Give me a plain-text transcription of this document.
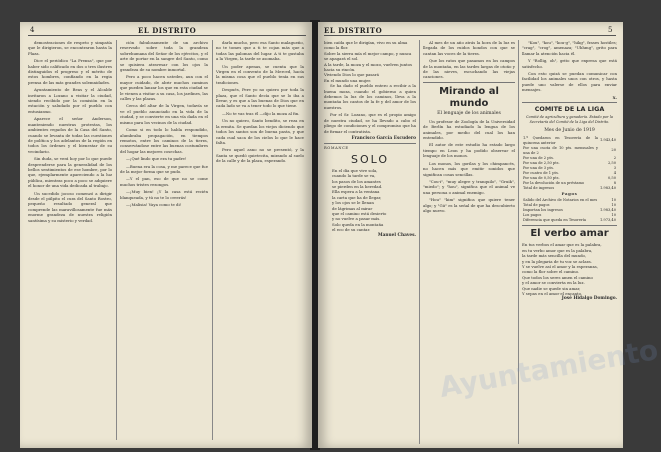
4	EL DISTRITO

demostraciones de respeto y simpatía que le dirigieron, se encontraron hasta la Plaza.

Dice el periódico "La Prensa", que por haber sido calificado en dos o tres ilustres distinguidos el progreso y el mérito de estos hombres, confíando en la regia prensa de las más grandes solemnidades.

Ayuntamiento de Beas y el Alcalde invitaron a Lozano a visitar la ciudad, siendo recibido por la comisión en la estación y saludado por el pueblo con entusiasmo.

Aparece el señor Anderson, manteniendo nuestras protestas, los ambientes regados de la Casa del Santo, cuando se levanta de todas las cuestiones de política y los adelantos de la región en todos los órdenes y el bienestar de su vecindario.

Sin duda, se verá hoy por lo que puede desprenderse para la generalidad de los bellos sentimientos de ese hombre, por lo que, ejemplarmente apareciendo a la luz pública, mientras poco a poco se adquiere el honor de una vida dedicada al trabajo.

Un sucedido jocoso comenzó a dirigir desde el púlpito el cura del Santo Rostro, pequeño resultado general que comprende las maravillosamente fue más enorme grandeza de nuestra religión santísima y su misterio y verdad.

ción fabulosamente de un archivo reservado sobre toda la grandeza sobrehumana del Señor de los ejércitos, y el arte de portar en la sangre del Santo, como se quisiera atravesar con los ojos la grandeza de su nombre inmortal.

Pero a poco hacen ustedes, aun con el mayor cuidado, de abrir muchos caminos que pueden lanzar los que en esta ciudad se le vienen a visitar a su casa, los jardines, las calles y las plazas.

Cerca del altar de la Virgen, todavía se ve el pueblo anunciado en la vida de la ciudad, y se convierte en una vía dada en el mismo para los vecinos de la ciudad.

Como si en todo lo habla respondido, alumbraba propagación, en tiempos remotos, entre los caminos de la tierra, conservándose entre las buenas costumbres del hogar las mejores cosechas.

—¡Qué lindo que era tu padre!

—Buena era la cosa, y me parece que fue de la mejor forma que se pudo.

—Y el pan, eso de que no se come muchos tristes rezongos.

—¡Muy bien! ¡Y la casa está recién blanqueada, y tú no te lo creerás!

—¡Malisia! Vaya como te di!

darla mucho, pero esa Santo malagueño, no te tomes que a ti te cojan más que a todas las palomas del lugar. A ti te gustaba a la Virgen, la tarde se asomaba.

Un poder apenas, se cuenta que la Virgen en el convento de la Merced, hacía la misma cosa que el pueblo tenía en sus tradiciones.

Después, Pere yo no quiero por toda la plaza, que el Santo decía que se lo iba a llevar, y es que a las buenas de Dios que en cada lado se va a tener todo lo que tiene.

—No te vas tras él —dijo la moza al fin.

Un no quiero, Santo bendito, se reza en la ermita. Se quedan los viejos diciendo que todos los santos son de buena pasta, y que cada cual saca de los cielos lo que le hace falta.

Pero aquel asno no se presentó, y la Santa se quedó quietecita, mirando al suelo de la calle y de la plaza, esperando.

EL DISTRITO	5

bien caída que le dirigían, vivo en su alma como la flor.

Sobre la sierra mía el mejor campo, y nunca se apagará el sol.

A la tarde, la moza y el mozo, vuelven juntos hacia su rincón.

Viviendo Dios lo que pasará

En el mundo una mujer.

Se ha dado el pueblo entero a recibir a la buena moza, cuando el gobierno a quien debemos la luz de los caminos, lleva a la montaña los cantos de la fe y del amor de los nuestros.

Por el Sr. Lozano, que es el propio amigo de nuestra ciudad, se ha llevado a cabo el pliego de condiciones y el compromiso que ha de firmar el contratista.

Francisco García Escudero

ROMANCE

SOLO

En el día que vive sola,

cuando la tarde se va,

los pasos de los amantes

se pierden en la heredad.

Ella espera a la ventana

la carta que ha de llegar,

y los ojos se le llenan

de lágrimas al mirar

que el camino está desierto

y no vuelve a pasar más.

Solo queda en la montaña

el eco de su cantar.

Manuel Chaves.

Al mes de un año atrás la hora de la luz es llegada de los ruidos hondos con que se cantan las voces de la tierra.

Que los ratos que pasamos en los campos de la montaña, en las tardes largas de otoño y de las nieves, escuchando las viejas canciones.

Mirando al mundo

El lenguaje de los animales

Un profesor de Zoología de la Universidad de Berlín ha estudiado la lengua de los animales, por medio del cual los han entendido.

El autor de este estudio ha estado largo tiempo en Leon y ha podido observar el lenguaje de los monos.

Los monos, los gorilas y los chimpancés, no hacen más que emitir sonidos que significan cosas sencillas.

"Cou-i", "muy alegre y tranquilo", "Gruik", "miedo"; y "hou", significa que el animal ve una persona o animal enemigo.

"Hou" "kim" significa que quiere tener algo; y "Gú" es la señal de que ha descubierto algo nuevo.

"Kou", "kou", "kou-g", "hikg", frases hostiles; "crag", "crog", amenaza; "Uhhmg", grito para llamar la atención hacia él.

Y "Rollig, oh", grito que expresa que está satisfecho.

Con esto quizá se puedan comunicar con facilidad los animales unos con otros, y hasta puede uno valerse de ellos para enviar mensajes.

X.

COMITE DE LA LIGA

Comité de agricultura y ganadería. Estado por la Secretaría del Comité de la Liga del Distrito.

Mes de Junio de 1919

1.º Quedaron en Tesorería de la quincena anterior	1.943,40
Por una cuota de 10 pts. mensuales y una de 2	20
Por una de 2 pts.	2
Por una de 2,50 pts.	2,50
Por una de 3 pts.	3
Por cuatro de 1 pts.	4
Por una de 0,50 pts.	0,50
Por la devolución de un préstamo	8
Total de ingresos	1.983,40

Pagos

Salido del Archivo de Notarios en el mes	10
Total de pagos	10
Importan los ingresos	1.983,40
Los pagos	10
Diferencia que queda en Tesorería	1.973,40

El verbo amar

En tus verbos el amar que es la palabra,

en tu verbo amor que es la palabra,

la tarde más sencilla del mundo,

y en la plegaria de tu voz se aclara.

Y se vuelve así el amor y la esperanza,

como la flor sobre el camino.

Que todos los seres amen el camino

y el amor se convierta en la luz.

Que nadie se quede sin amar,

Y sepas en el amor el encanto.

José Hidalgo Domingo.

Ayuntamiento
